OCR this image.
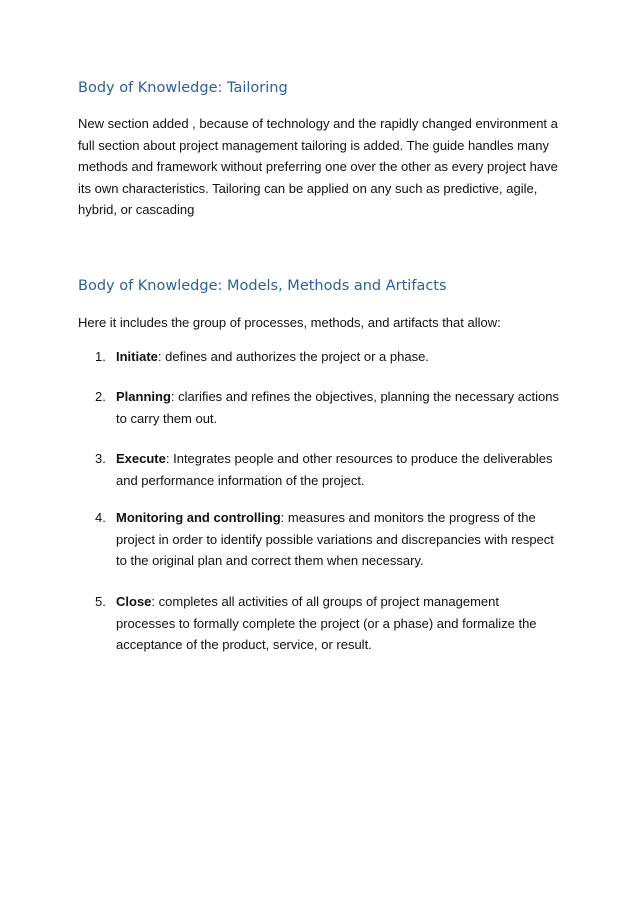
Body of Knowledge: Tailoring

New section added , because of technology and the rapidly changed environment a full section about project management tailoring is added. The guide handles many methods and framework without preferring one over the other as every project have its own characteristics. Tailoring can be applied on any such as predictive, agile, hybrid, or cascading

Body of Knowledge: Models, Methods and Artifacts

Here it includes the group of processes, methods, and artifacts that allow:

1. Initiate: defines and authorizes the project or a phase.
2. Planning: clarifies and refines the objectives, planning the necessary actions to carry them out.
3. Execute: Integrates people and other resources to produce the deliverables and performance information of the project.
4. Monitoring and controlling: measures and monitors the progress of the project in order to identify possible variations and discrepancies with respect to the original plan and correct them when necessary.
5. Close: completes all activities of all groups of project management processes to formally complete the project (or a phase) and formalize the acceptance of the product, service, or result.
